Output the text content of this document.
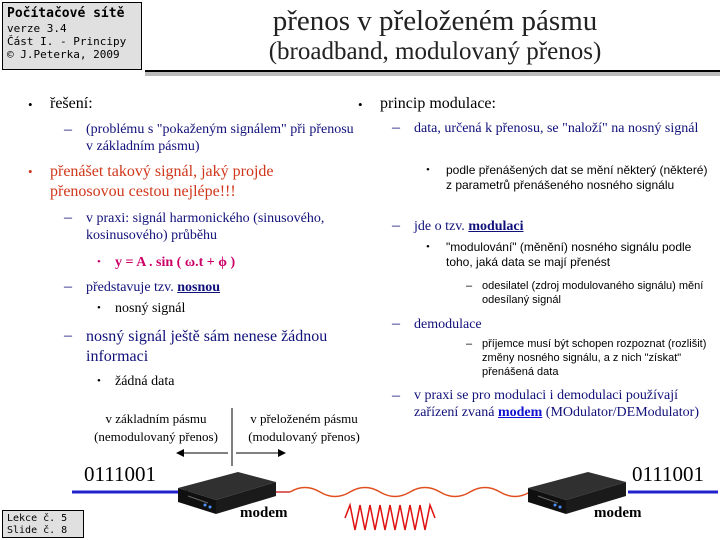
Počítačové sítě
verze 3.4
Část I. - Principy
© J.Peterka, 2009
přenos v přeloženém pásmu
(broadband, modulovaný přenos)
• řešení:
– (problému s "pokaženým signálem" při přenosu v základním pásmu)
• přenášet takový signál, jaký projde přenosovou cestou nejlépe!!!
– v praxi: signál harmonického (sinusového, kosinusového) průběhu
• y = A . sin ( ω.t + ϕ )
– představuje tzv. nosnou
• nosný signál
– nosný signál ještě sám nenese žádnou informaci
• žádná data
• princip modulace:
– data, určená k přenosu, se "naloží" na nosný signál
• podle přenášených dat se mění některý (některé) z parametrů přenášeného nosného signálu
– jde o tzv. modulaci
• "modulování" (měnění) nosného signálu podle toho, jaká data se mají přenést
– odesilatel (zdroj modulovaného signálu) mění odesílaný signál
– demodulace
– příjemce musí být schopen rozpoznat (rozlišit) změny nosného signálu, a z nich "získat" přenášená data
– v praxi se pro modulaci i demodulaci používají zařízení zvaná modem (MOdulator/DEModulator)
v základním pásmu
(nemodulovaný přenos)
v přeloženém pásmu
(modulovaný přenos)
0111001	0111001
modem	modem
Lekce č. 5
Slide č. 8
